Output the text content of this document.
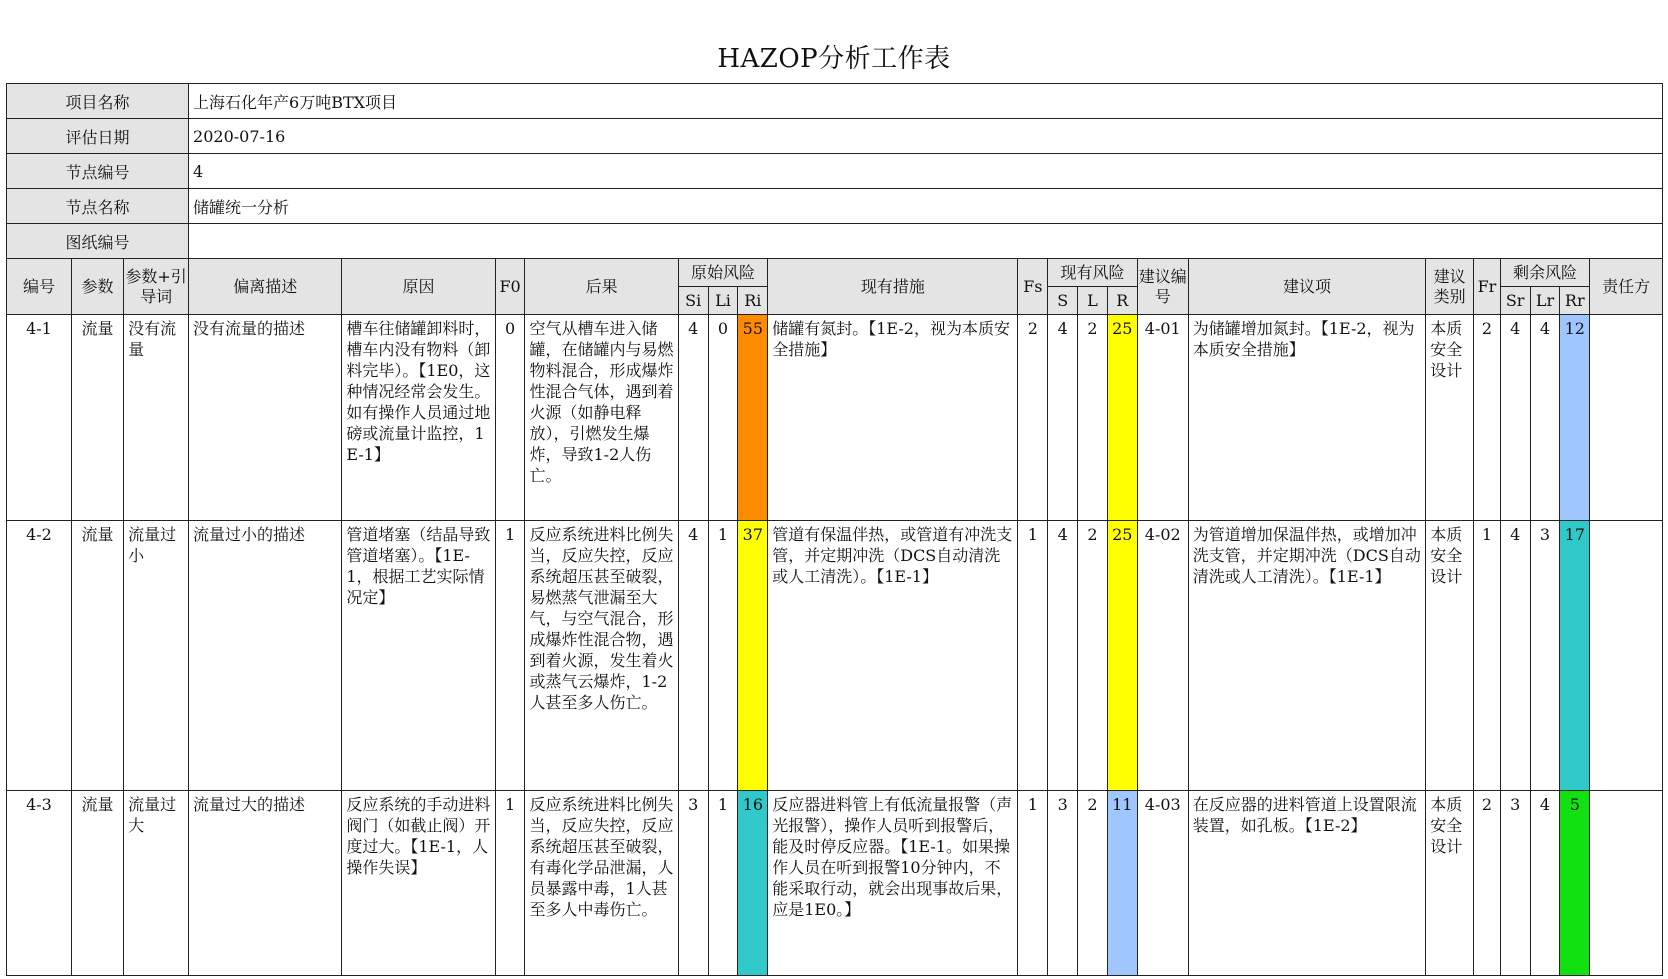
HAZOP分析工作表
项目名称			上海石化年产6万吨BTX项目																			
评估日期			2020-07-16																			
节点编号			4																			
节点名称			储罐统一分析																			
图纸编号																						
编号	参数	参数+引导词	偏离描述	原因	F0	后果	原始风险			现有措施	Fs	现有风险			建议编号	建议项	建议类别	Fr	剩余风险			责任方
							Si	Li	Ri			S	L	R					Sr	Lr	Rr	
4-1	流量	没有流量	没有流量的描述	槽车往储罐卸料时，槽车内没有物料（卸料完毕）。【1E0，这种情况经常会发生。如有操作人员通过地磅或流量计监控，1E-1】	0	空气从槽车进入储罐，在储罐内与易燃物料混合，形成爆炸性混合气体，遇到着火源（如静电释放），引燃发生爆炸，导致1-2人伤亡。	4	0	55	储罐有氮封。【1E-2，视为本质安全措施】	2	4	2	25	4-01	为储罐增加氮封。【1E-2，视为本质安全措施】	本质安全设计	2	4	4	12	
4-2	流量	流量过小	流量过小的描述	管道堵塞（结晶导致管道堵塞）。【1E-1，根据工艺实际情况定】	1	反应系统进料比例失当，反应失控，反应系统超压甚至破裂，易燃蒸气泄漏至大气，与空气混合，形成爆炸性混合物，遇到着火源，发生着火或蒸气云爆炸，1-2人甚至多人伤亡。	4	1	37	管道有保温伴热，或管道有冲洗支管，并定期冲洗（DCS自动清洗或人工清洗）。【1E-1】	1	4	2	25	4-02	为管道增加保温伴热，或增加冲洗支管，并定期冲洗（DCS自动清洗或人工清洗）。【1E-1】	本质安全设计	1	4	3	17	
4-3	流量	流量过大	流量过大的描述	反应系统的手动进料阀门（如截止阀）开度过大。【1E-1，人操作失误】	1	反应系统进料比例失当，反应失控，反应系统超压甚至破裂，有毒化学品泄漏，人员暴露中毒，1人甚至多人中毒伤亡。	3	1	16	反应器进料管上有低流量报警（声光报警），操作人员听到报警后，能及时停反应器。【1E-1。如果操作人员在听到报警10分钟内，不能采取行动，就会出现事故后果，应是1E0。】	1	3	2	11	4-03	在反应器的进料管道上设置限流装置，如孔板。【1E-2】	本质安全设计	2	3	4	5	
